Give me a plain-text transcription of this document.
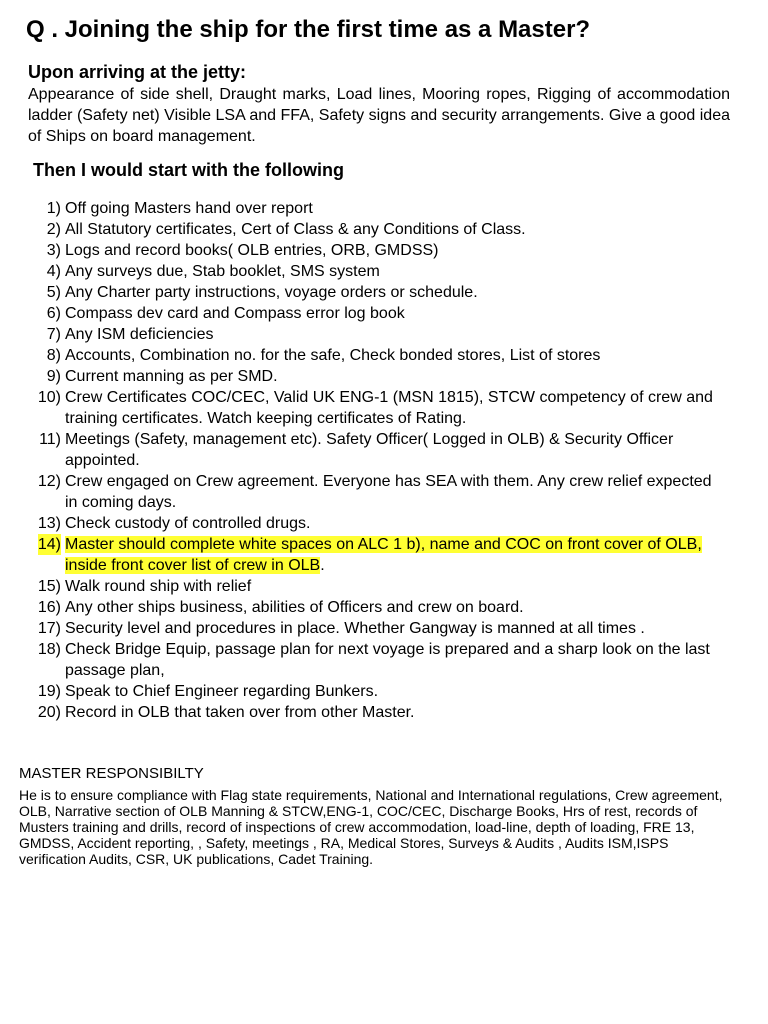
Q . Joining the ship for the first time as a Master?
Upon arriving at the jetty:
Appearance of side shell, Draught marks, Load lines, Mooring ropes, Rigging of accommodation ladder (Safety net) Visible LSA and FFA, Safety signs and security arrangements. Give a good idea of Ships on board management.
Then I would start with the following
1) Off going Masters hand over report
2) All Statutory certificates, Cert of Class & any Conditions of Class.
3) Logs and record books( OLB entries, ORB, GMDSS)
4) Any surveys due, Stab booklet, SMS system
5) Any Charter party instructions, voyage orders or schedule.
6) Compass dev card and Compass error log book
7) Any ISM deficiencies
8) Accounts, Combination no. for the safe, Check bonded stores, List of stores
9) Current manning as per SMD.
10) Crew Certificates COC/CEC, Valid UK ENG-1 (MSN 1815), STCW competency of crew and training certificates. Watch keeping certificates of Rating.
11) Meetings (Safety, management etc). Safety Officer( Logged in OLB) & Security Officer appointed.
12) Crew engaged on Crew agreement. Everyone has SEA with them. Any crew relief expected in coming days.
13) Check custody of controlled drugs.
14) Master should complete white spaces on ALC 1 b), name and COC on front cover of OLB, inside front cover list of crew in OLB.
15) Walk round ship with relief
16) Any other ships business, abilities of Officers and crew on board.
17) Security level and procedures in place. Whether Gangway is manned at all times .
18) Check Bridge Equip, passage plan for next voyage is prepared and a sharp look on the last passage plan,
19) Speak to Chief Engineer regarding Bunkers.
20) Record in OLB that taken over from other Master.
MASTER RESPONSIBILTY
He is to ensure compliance with Flag state requirements, National and International regulations, Crew agreement, OLB, Narrative section of OLB Manning & STCW,ENG-1, COC/CEC, Discharge Books, Hrs of rest, records of Musters training and drills, record of inspections of crew accommodation, load-line, depth of loading, FRE 13, GMDSS, Accident reporting, , Safety, meetings , RA, Medical Stores, Surveys & Audits , Audits ISM,ISPS verification Audits, CSR, UK publications, Cadet Training.
